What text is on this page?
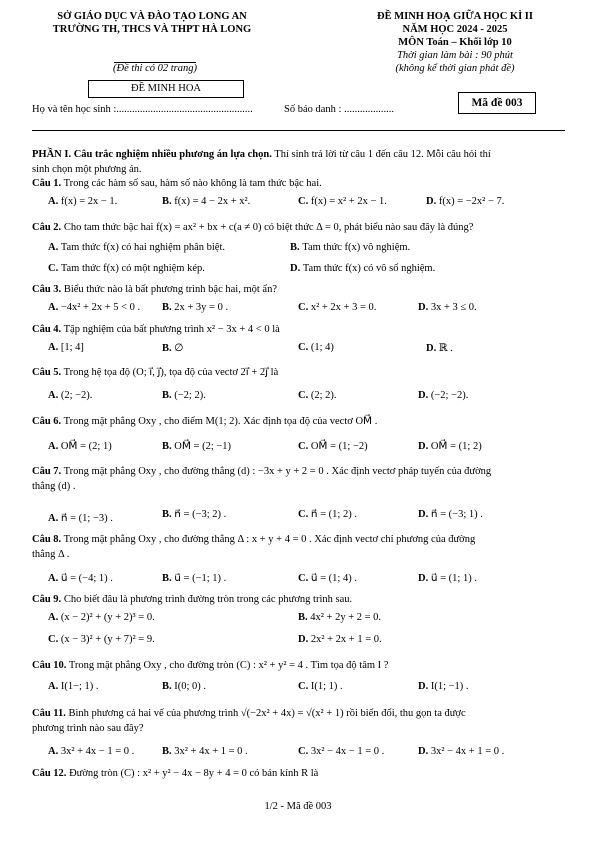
SỞ GIÁO DỤC VÀ ĐÀO TẠO LONG AN
TRƯỜNG TH, THCS VÀ THPT HÀ LONG
(Đề thi có 02 trang)
ĐỀ MINH HOA
ĐỀ MINH HOẠ GIỮA HỌC KÌ II
NĂM HỌC 2024 - 2025
MÔN Toán – Khối lớp 10
Thời gian làm bài : 90 phút
(không kể thời gian phát đề)
Họ và tên học sinh :....................................................	Số báo danh : ...................
Mã đề 003
PHẦN I. Câu trắc nghiệm nhiều phương án lựa chọn. Thí sinh trả lời từ câu 1 đến câu 12. Mỗi câu hỏi thí
sinh chọn một phương án.
Câu 1. Trong các hàm số sau, hàm số nào không là tam thức bậc hai.
A. f(x) = 2x − 1.	B. f(x) = 4 − 2x + x².	C. f(x) = x² + 2x − 1.	D. f(x) = −2x² − 7.
Câu 2. Cho tam thức bậc hai f(x) = ax² + bx + c(a ≠ 0) có biệt thức Δ = 0, phát biểu nào sau đây là đúng?
A. Tam thức f(x) có hai nghiệm phân biệt.	B. Tam thức f(x) vô nghiệm.
C. Tam thức f(x) có một nghiệm kép.	D. Tam thức f(x) có vô số nghiệm.
Câu 3. Biểu thức nào là bất phương trình bậc hai, một ẩn?
A. −4x² + 2x + 5 < 0 . B. 2x + 3y = 0 .	C. x² + 2x + 3 = 0.	D. 3x + 3 ≤ 0.
Câu 4. Tập nghiệm của bất phương trình x² − 3x + 4 < 0 là
A. [1; 4]	B. ∅	C. (1; 4)	D. ℝ .
Câu 5. Trong hệ tọa độ (O; i⃗, j⃗), tọa độ của vectơ 2i⃗ + 2j⃗ là
A. (2; −2).	B. (−2; 2).	C. (2; 2).	D. (−2; −2).
Câu 6. Trong mặt phẳng Oxy , cho điểm M(1; 2). Xác định tọa độ của vectơ OM⃗ .
A. OM⃗ = (2; 1)	B. OM⃗ = (2; −1)	C. OM⃗ = (1; −2)	D. OM⃗ = (1; 2)
Câu 7. Trong mặt phẳng Oxy , cho đường thẳng (d) : −3x + y + 2 = 0 . Xác định vectơ pháp tuyến của đường
thẳng (d) .
A. n⃗ = (1; −3) .	B. n⃗ = (−3; 2) .	C. n⃗ = (1; 2) .	D. n⃗ = (−3; 1) .
Câu 8. Trong mặt phẳng Oxy , cho đường thẳng Δ : x + y + 4 = 0 . Xác định vectơ chỉ phương của đường
thẳng Δ .
A. u⃗ = (−4; 1) .	B. u⃗ = (−1; 1) .	C. u⃗ = (1; 4) .	D. u⃗ = (1; 1) .
Câu 9. Cho biết đâu là phương trình đường tròn trong các phương trình sau.
A. (x − 2)² + (y + 2)³ = 0.	B. 4x² + 2y + 2 = 0.
C. (x − 3)² + (y + 7)² = 9.	D. 2x² + 2x + 1 = 0.
Câu 10. Trong mặt phẳng Oxy , cho đường tròn (C) : x² + y² = 4 . Tìm tọa độ tâm I ?
A. I(1−; 1) .	B. I(0; 0) .	C. I(1; 1) .	D. I(1; −1) .
Câu 11. Bình phương cả hai vế của phương trình √(−2x² + 4x) = √(x² + 1) rồi biến đổi, thu gọn ta được
phương trình nào sau đây?
A. 3x² + 4x − 1 = 0 .	B. 3x² + 4x + 1 = 0 .	C. 3x² − 4x − 1 = 0 .	D. 3x² − 4x + 1 = 0 .
Câu 12. Đường tròn (C) : x² + y² − 4x − 8y + 4 = 0 có bán kính R là
1/2 - Mã đề 003
